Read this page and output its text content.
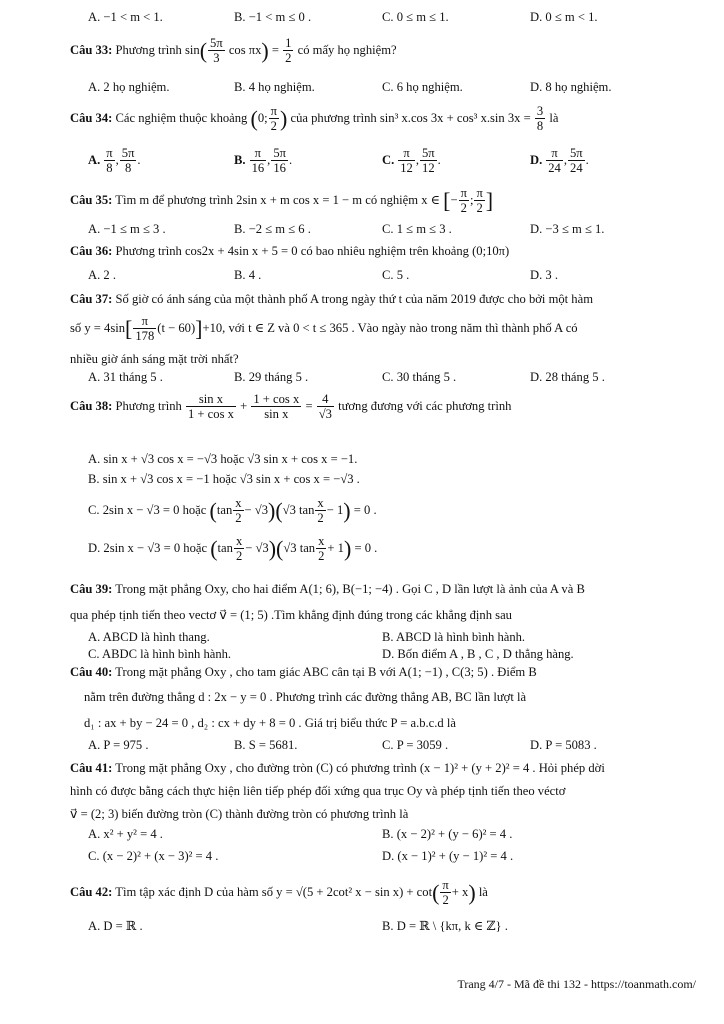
A. −1 < m < 1.	B. −1 < m ≤ 0 .	C. 0 ≤ m ≤ 1.	D. 0 ≤ m < 1.
Câu 33: Phương trình $\sin( \frac{5\pi}{3}$ $\cos \pi x) = \frac{1}{2}$ có mấy họ nghiệm?
A. 2 họ nghiệm.	B. 4 họ nghiệm.	C. 6 họ nghiệm.	D. 8 họ nghiệm.
Câu 34: Các nghiệm thuộc khoảng (0; $\frac{\pi}{2}$ ) của phương trình sin³ x.cos 3x + cos³ x.sin $3x = \frac{3}{8}$ là
A. $\frac{\pi}{8}$ , $\frac{5\pi}{8}$ .	B. $\frac{\pi}{16}$ , $\frac{5\pi}{16}$ .	C. $\frac{\pi}{12}$ , $\frac{5\pi}{12}$ .	D. $\frac{\pi}{24}$ , $\frac{5\pi}{24}$ .
Câu 35: Tìm m để phương trình 2sin x + m cos x = 1 − m có nghiệm x ∈ [− $\frac{\pi}{2}$ ; $\frac{\pi}{2}$ ]
A. −1 ≤ m ≤ 3 .	B. −2 ≤ m ≤ 6 .	C. 1 ≤ m ≤ 3 .	D. −3 ≤ m ≤ 1.
Câu 36: Phương trình cos2x + 4sin x + 5 = 0 có bao nhiêu nghiệm trên khoảng (0;10π)
A. 2 .	B. 4 .	C. 5 .	D. 3 .
Câu 37: Số giờ có ánh sáng của một thành phố A trong ngày thứ t của năm 2019 được cho bởi một hàm
số $y = 4\sin[ \frac{\pi}{178} (t - 60)]+10$, với t ∈ Z và 0 < t ≤ 365 . Vào ngày nào trong năm thì thành phố A có
nhiều giờ ánh sáng mặt trời nhất?
A. 31 tháng 5 .	B. 29 tháng 5 .	C. 30 tháng 5 .	D. 28 tháng 5 .
Câu 38: Phương trình $\frac{\text{sin x}}{\text{1 + cos x}} + \frac{\text{1 + cos x}}{\text{sin x}} = \frac{4}{√3}$ tương đương với các phương trình
A. sin x + √3 cos x = −√3 hoặc √3 sin x + cos x = −1.
B. sin x + √3 cos x = −1 hoặc √3 sin x + cos x = −√3 .
C. 2sin x − √3 = 0 hoặc $(\tan \frac{x}{2} - √3)(√3$ $\tan \frac{x}{2} - 1) = 0$ .
D. 2sin x − √3 = 0 hoặc $(\tan \frac{x}{2} - √3)(√3$ $\tan \frac{x}{2} + 1) = 0$ .
Câu 39: Trong mặt phẳng Oxy, cho hai điểm A(1; 6), B(−1; −4) . Gọi C , D lần lượt là ảnh của A và B
qua phép tịnh tiến theo vectơ v⃗ = (1; 5) .Tìm khẳng định đúng trong các khẳng định sau
A. ABCD là hình thang.	B. ABCD là hình bình hành.
C. ABDC là hình bình hành.	D. Bốn điểm A , B , C , D thẳng hàng.
Câu 40: Trong mặt phẳng Oxy , cho tam giác ABC cân tại B với A(1; −1) , C(3; 5) . Điểm B
nằm trên đường thẳng d : 2x − y = 0 . Phương trình các đường thẳng AB, BC lần lượt là
d₁ : ax + by − 24 = 0 , d₂ : cx + dy + 8 = 0 . Giá trị biểu thức P = a.b.c.d là
A. P = 975 .	B. S = 5681.	C. P = 3059 .	D. P = 5083 .
Câu 41: Trong mặt phẳng Oxy , cho đường tròn (C) có phương trình (x − 1)² + (y + 2)² = 4 . Hỏi phép dời
hình có được bằng cách thực hiện liên tiếp phép đối xứng qua trục Oy và phép tịnh tiến theo véctơ
v⃗ = (2; 3) biến đường tròn (C) thành đường tròn có phương trình là
A. x² + y² = 4 .	B. (x − 2)² + (y − 6)² = 4 .
C. (x − 2)² + (x − 3)² = 4 .	D. (x − 1)² + (y − 1)² = 4 .
Câu 42: Tìm tập xác định D của hàm số y = √(5 + 2cot² $x - \sin x) + \cot( \frac{\pi}{2} + x)$ là
A. D = ℝ .	B. D = ℝ \ {kπ, k ∈ ℤ} .
Trang 4/7 - Mã đề thi 132 - https://toanmath.com/
